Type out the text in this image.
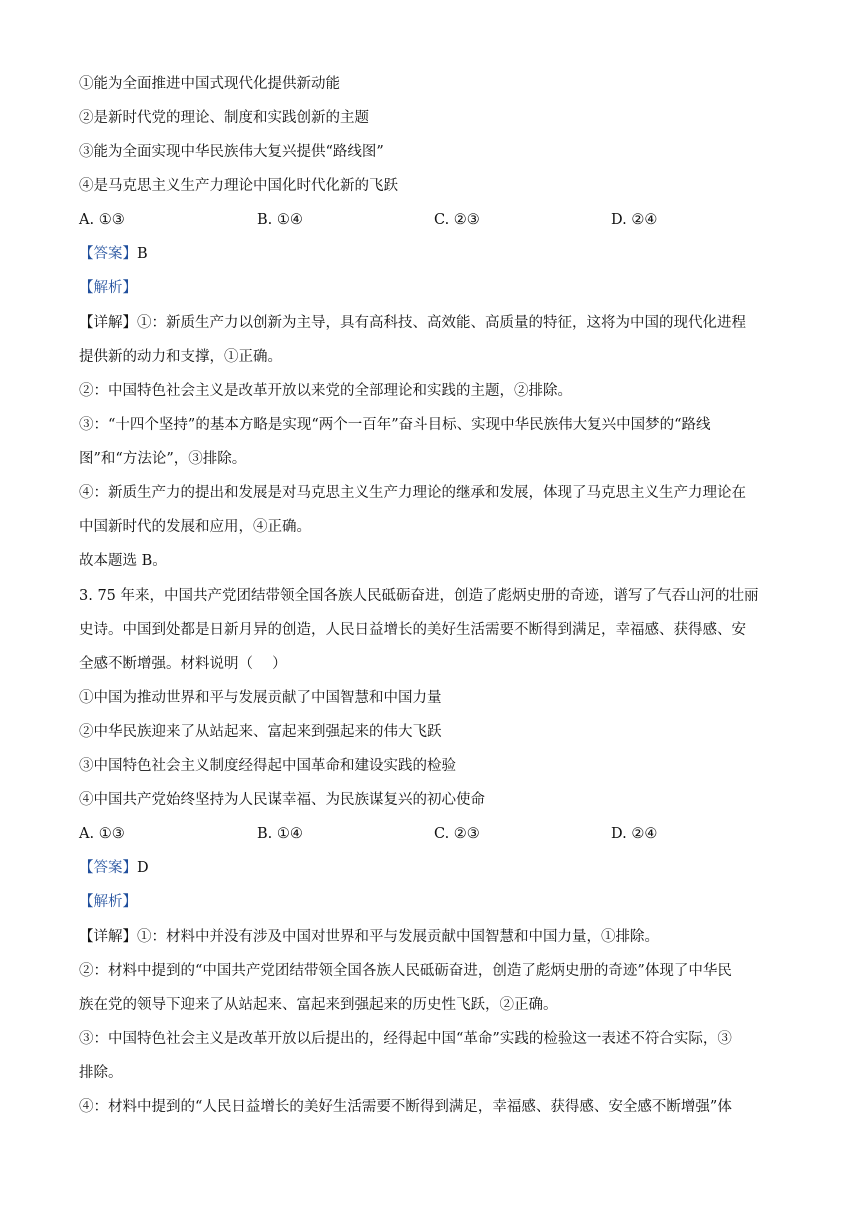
①能为全面推进中国式现代化提供新动能
②是新时代党的理论、制度和实践创新的主题
③能为全面实现中华民族伟大复兴提供“路线图”
④是马克思主义生产力理论中国化时代化新的飞跃
A. ①③	B. ①④	C. ②③	D. ②④
【答案】B
【解析】
【详解】①：新质生产力以创新为主导，具有高科技、高效能、高质量的特征，这将为中国的现代化进程
提供新的动力和支撑，①正确。
②：中国特色社会主义是改革开放以来党的全部理论和实践的主题，②排除。
③：“十四个坚持”的基本方略是实现“两个一百年”奋斗目标、实现中华民族伟大复兴中国梦的“路线
图”和“方法论”，③排除。
④：新质生产力的提出和发展是对马克思主义生产力理论的继承和发展，体现了马克思主义生产力理论在
中国新时代的发展和应用，④正确。
故本题选 B。
3. 75 年来，中国共产党团结带领全国各族人民砥砺奋进，创造了彪炳史册的奇迹，谱写了气吞山河的壮丽
史诗。中国到处都是日新月异的创造，人民日益增长的美好生活需要不断得到满足，幸福感、获得感、安
全感不断增强。材料说明（　 ）
①中国为推动世界和平与发展贡献了中国智慧和中国力量
②中华民族迎来了从站起来、富起来到强起来的伟大飞跃
③中国特色社会主义制度经得起中国革命和建设实践的检验
④中国共产党始终坚持为人民谋幸福、为民族谋复兴的初心使命
A. ①③	B. ①④	C. ②③	D. ②④
【答案】D
【解析】
【详解】①：材料中并没有涉及中国对世界和平与发展贡献中国智慧和中国力量，①排除。
②：材料中提到的“中国共产党团结带领全国各族人民砥砺奋进，创造了彪炳史册的奇迹”体现了中华民
族在党的领导下迎来了从站起来、富起来到强起来的历史性飞跃，②正确。
③：中国特色社会主义是改革开放以后提出的，经得起中国“革命”实践的检验这一表述不符合实际，③
排除。
④：材料中提到的“人民日益增长的美好生活需要不断得到满足，幸福感、获得感、安全感不断增强”体
